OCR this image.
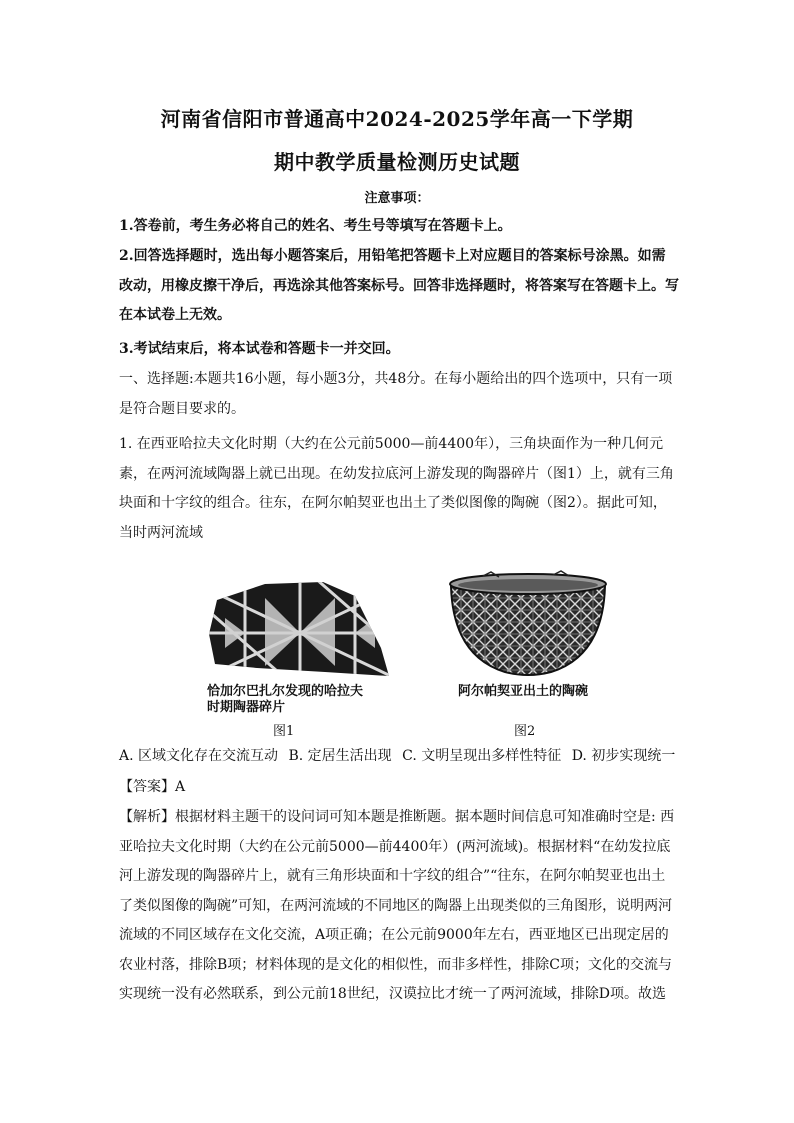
河南省信阳市普通高中2024-2025学年高一下学期
期中教学质量检测历史试题
注意事项：
1.答卷前，考生务必将自己的姓名、考生号等填写在答题卡上。
2.回答选择题时，选出每小题答案后，用铅笔把答题卡上对应题目的答案标号涂黑。如需改动，用橡皮擦干净后，再选涂其他答案标号。回答非选择题时，将答案写在答题卡上。写在本试卷上无效。
3.考试结束后，将本试卷和答题卡一并交回。
一、选择题:本题共16小题，每小题3分，共48分。在每小题给出的四个选项中，只有一项是符合题目要求的。
1. 在西亚哈拉夫文化时期（大约在公元前5000—前4400年），三角块面作为一种几何元素，在两河流域陶器上就已出现。在幼发拉底河上游发现的陶器碎片（图1）上，就有三角块面和十字纹的组合。往东，在阿尔帕契亚也出土了类似图像的陶碗（图2）。据此可知，当时两河流域
恰加尔巴扎尔发现的哈拉夫
时期陶器碎片
图1
阿尔帕契亚出土的陶碗
图2
A. 区域文化存在交流互动 B. 定居生活出现 C. 文明呈现出多样性特征 D. 初步实现统一
【答案】A
【解析】根据材料主题干的设问词可知本题是推断题。据本题时间信息可知准确时空是: 西亚哈拉夫文化时期（大约在公元前5000—前4400年）(两河流域)。根据材料“在幼发拉底河上游发现的陶器碎片上，就有三角形块面和十字纹的组合”“往东，在阿尔帕契亚也出土了类似图像的陶碗”可知，在两河流域的不同地区的陶器上出现类似的三角图形，说明两河流域的不同区域存在文化交流，A项正确；在公元前9000年左右，西亚地区已出现定居的农业村落，排除B项；材料体现的是文化的相似性，而非多样性，排除C项；文化的交流与实现统一没有必然联系，到公元前18世纪，汉谟拉比才统一了两河流域，排除D项。故选
